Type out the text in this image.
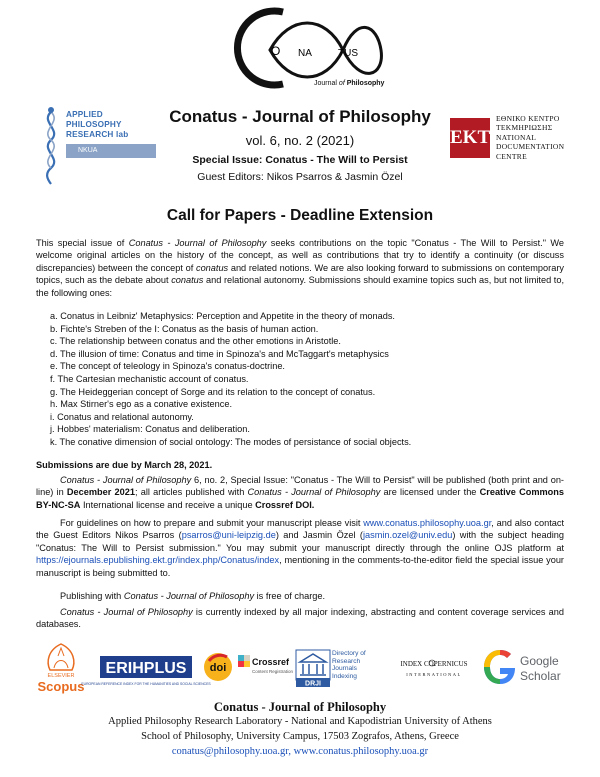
O NA	TUS
Journal of Philosophy
APPLIED
PHILOSOPHY
RESEARCH lab
NKUA
EKT
ΕΘΝΙΚΟ ΚΕΝΤΡΟ
ΤΕΚΜΗΡΙΩΣΗΣ
NATIONAL
DOCUMENTATION
CENTRE
Conatus - Journal of Philosophy
vol. 6, no. 2 (2021)
Special Issue: Conatus - The Will to Persist
Guest Editors: Nikos Psarros & Jasmin Özel
Call for Papers - Deadline Extension
This special issue of Conatus - Journal of Philosophy seeks contributions on the topic "Conatus - The Will to Persist." We welcome original articles on the history of the concept, as well as contributions that try to identify a continuity (or discuss discrepancies) between the concept of conatus and related notions. We are also looking forward to submissions on contemporary topics, such as the debate about conatus and relational autonomy. Submissions should examine topics such as, but not limited to, the following ones:
a. Conatus in Leibniz' Metaphysics: Perception and Appetite in the theory of monads.
b. Fichte's Streben of the I: Conatus as the basis of human action.
c. The relationship between conatus and the other emotions in Aristotle.
d. The illusion of time: Conatus and time in Spinoza's and McTaggart's metaphysics
e. The concept of teleology in Spinoza's conatus-doctrine.
f. The Cartesian mechanistic account of conatus.
g. The Heideggerian concept of Sorge and its relation to the concept of conatus.
h. Max Stirner's ego as a conative existence.
i. Conatus and relational autonomy.
j. Hobbes' materialism: Conatus and deliberation.
k. The conative dimension of social ontology: The modes of persistance of social objects.
Submissions are due by March 28, 2021.
Conatus - Journal of Philosophy 6, no. 2, Special Issue: "Conatus - The Will to Persist" will be published (both print and on-line) in December 2021; all articles published with Conatus - Journal of Philosophy are licensed under the Creative Commons BY-NC-SA International license and receive a unique Crossref DOI.
For guidelines on how to prepare and submit your manuscript please visit www.conatus.philosophy.uoa.gr, and also contact the Guest Editors Nikos Psarros (psarros@uni-leipzig.de) and Jasmin Özel (jasmin.ozel@univ.edu) with the subject heading "Conatus: The Will to Persist submission." You may submit your manuscript directly through the online OJS platform at https://ejournals.epublishing.ekt.gr/index.php/Conatus/index, mentioning in the comments-to-the-editor field the special issue your manuscript is being submitted to.
Publishing with Conatus - Journal of Philosophy is free of charge.
Conatus - Journal of Philosophy is currently indexed by all major indexing, abstracting and content coverage services and databases.
ELSEVIER
Scopus
ERIHPLUS
EUROPEAN REFERENCE INDEX FOR THE HUMANITIES AND SOCIAL SCIENCES
doi	Crossref
Content Registration
DRJI
Directory of Research Journals Indexing
INDEX COPERNICUS
INTERNATIONAL
Google
Scholar
Conatus - Journal of Philosophy
Applied Philosophy Research Laboratory - National and Kapodistrian University of Athens
School of Philosophy, University Campus, 17503 Zografos, Athens, Greece
conatus@philosophy.uoa.gr, www.conatus.philosophy.uoa.gr
